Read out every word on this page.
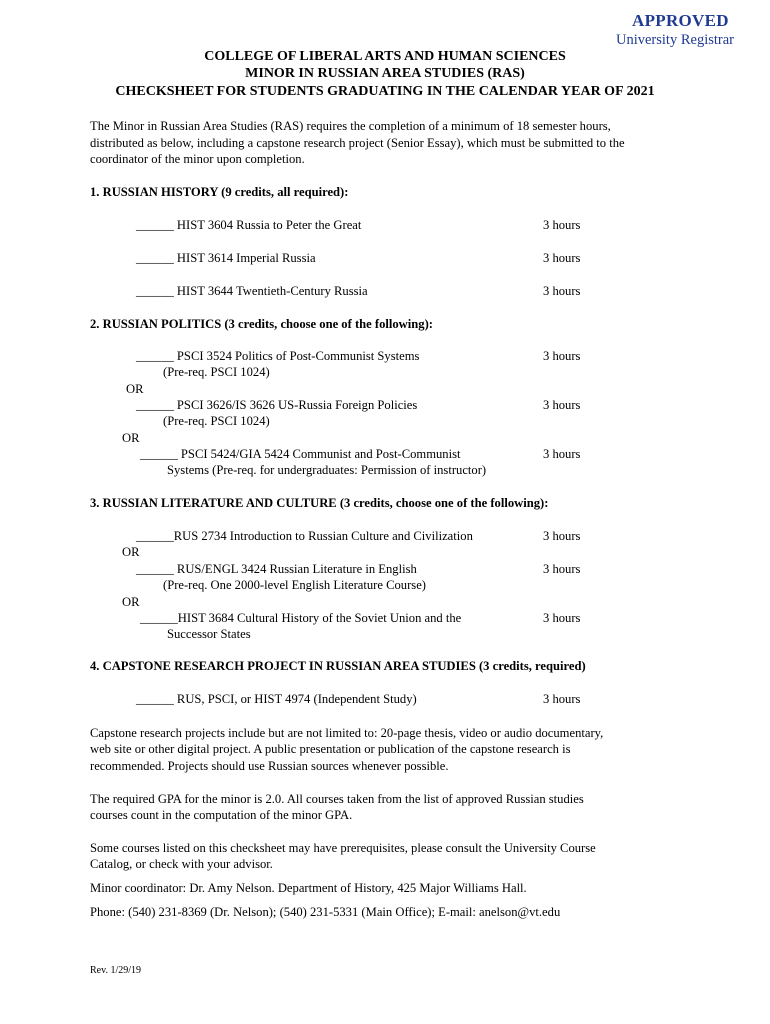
APPROVED
University Registrar
COLLEGE OF LIBERAL ARTS AND HUMAN SCIENCES
MINOR IN RUSSIAN AREA STUDIES (RAS)
CHECKSHEET FOR STUDENTS GRADUATING IN THE CALENDAR YEAR OF 2021
The Minor in Russian Area Studies (RAS) requires the completion of a minimum of 18 semester hours,
distributed as below, including a capstone research project (Senior Essay), which must be submitted to the
coordinator of the minor upon completion.
1. RUSSIAN HISTORY (9 credits, all required):
______ HIST 3604 Russia to Peter the Great	3 hours
______ HIST 3614 Imperial Russia	3 hours
______ HIST 3644 Twentieth-Century Russia	3 hours
2. RUSSIAN POLITICS (3 credits, choose one of the following):
______ PSCI 3524 Politics of Post-Communist Systems	3 hours
(Pre-req. PSCI 1024)
OR
______ PSCI 3626/IS 3626 US-Russia Foreign Policies	3 hours
(Pre-req. PSCI 1024)
OR
______ PSCI 5424/GIA 5424 Communist and Post-Communist	3 hours
Systems (Pre-req. for undergraduates: Permission of instructor)
3. RUSSIAN LITERATURE AND CULTURE (3 credits, choose one of the following):
______RUS 2734 Introduction to Russian Culture and Civilization	3 hours
OR
______ RUS/ENGL 3424 Russian Literature in English	3 hours
(Pre-req. One 2000-level English Literature Course)
OR
______HIST 3684 Cultural History of the Soviet Union and the	3 hours
Successor States
4. CAPSTONE RESEARCH PROJECT IN RUSSIAN AREA STUDIES (3 credits, required)
______ RUS, PSCI, or HIST 4974 (Independent Study)	3 hours
Capstone research projects include but are not limited to: 20-page thesis, video or audio documentary,
web site or other digital project. A public presentation or publication of the capstone research is
recommended. Projects should use Russian sources whenever possible.
The required GPA for the minor is 2.0. All courses taken from the list of approved Russian studies
courses count in the computation of the minor GPA.
Some courses listed on this checksheet may have prerequisites, please consult the University Course
Catalog, or check with your advisor.
Minor coordinator: Dr. Amy Nelson. Department of History, 425 Major Williams Hall.
Phone: (540) 231-8369 (Dr. Nelson); (540) 231-5331 (Main Office); E-mail: anelson@vt.edu
Rev. 1/29/19
